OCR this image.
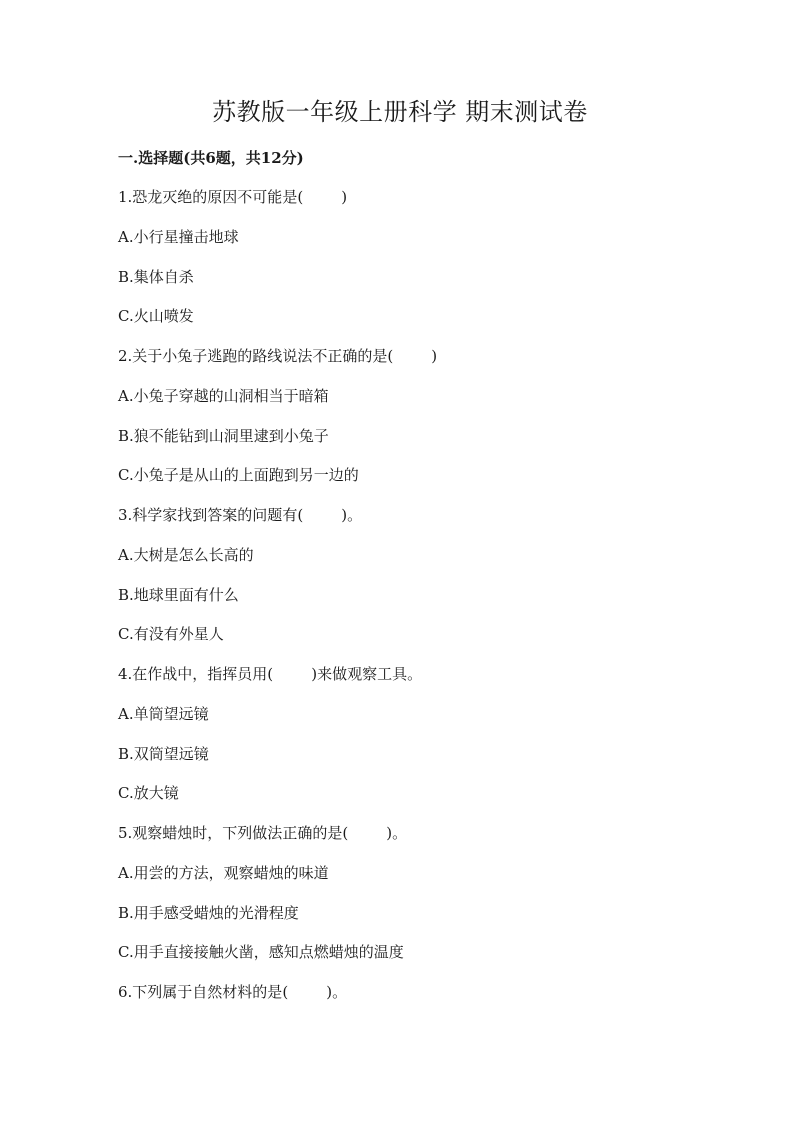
苏教版一年级上册科学 期末测试卷
一.选择题(共6题，共12分)
1.恐龙灭绝的原因不可能是(        )
A.小行星撞击地球
B.集体自杀
C.火山喷发
2.关于小兔子逃跑的路线说法不正确的是(        )
A.小兔子穿越的山洞相当于暗箱
B.狼不能钻到山洞里逮到小兔子
C.小兔子是从山的上面跑到另一边的
3.科学家找到答案的问题有(        )。
A.大树是怎么长高的
B.地球里面有什么
C.有没有外星人
4.在作战中，指挥员用(        )来做观察工具。
A.单筒望远镜
B.双筒望远镜
C.放大镜
5.观察蜡烛时，下列做法正确的是(        )。
A.用尝的方法，观察蜡烛的味道
B.用手感受蜡烛的光滑程度
C.用手直接接触火凿，感知点燃蜡烛的温度
6.下列属于自然材料的是(        )。
